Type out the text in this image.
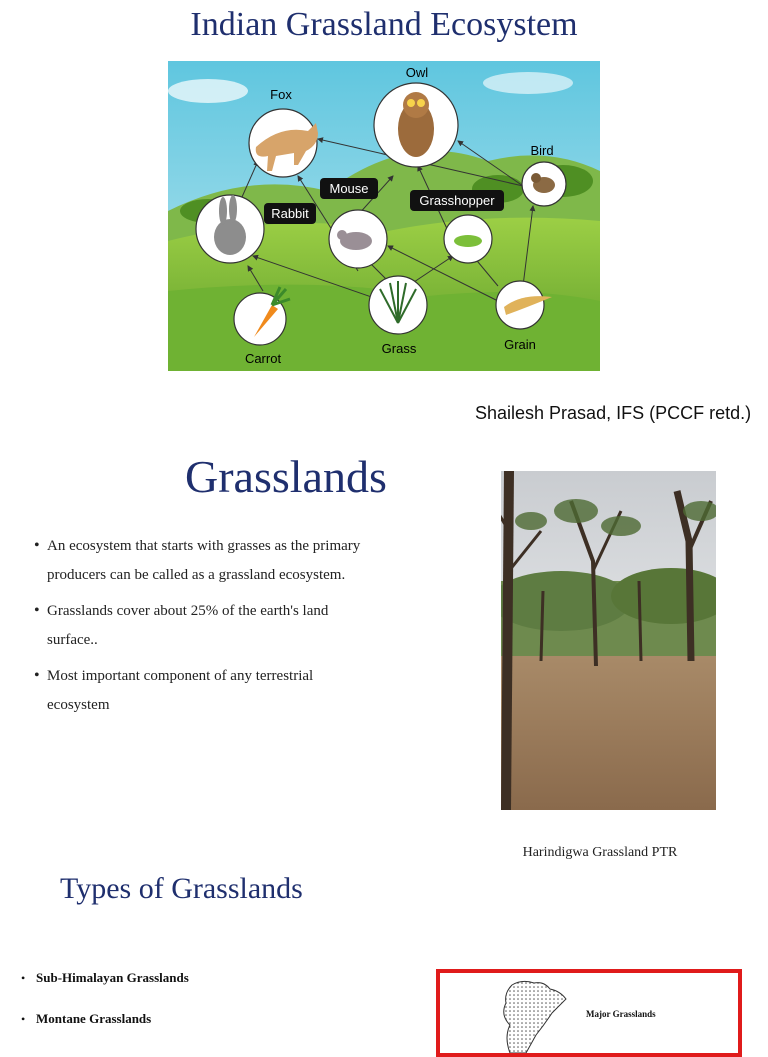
Indian Grassland Ecosystem
Owl
Fox
Bird
Mouse
Rabbit
Grasshopper
Carrot
Grass	Grain
Shailesh Prasad, IFS (PCCF retd.)
Grasslands
• An ecosystem that starts with grasses as the primary producers can be called as a grassland ecosystem.
• Grasslands cover about 25% of the earth's land surface..
• Most important component of any terrestrial ecosystem
Harindigwa Grassland PTR
Types of Grasslands
• Sub-Himalayan Grasslands
• Montane Grasslands	Major Grasslands
